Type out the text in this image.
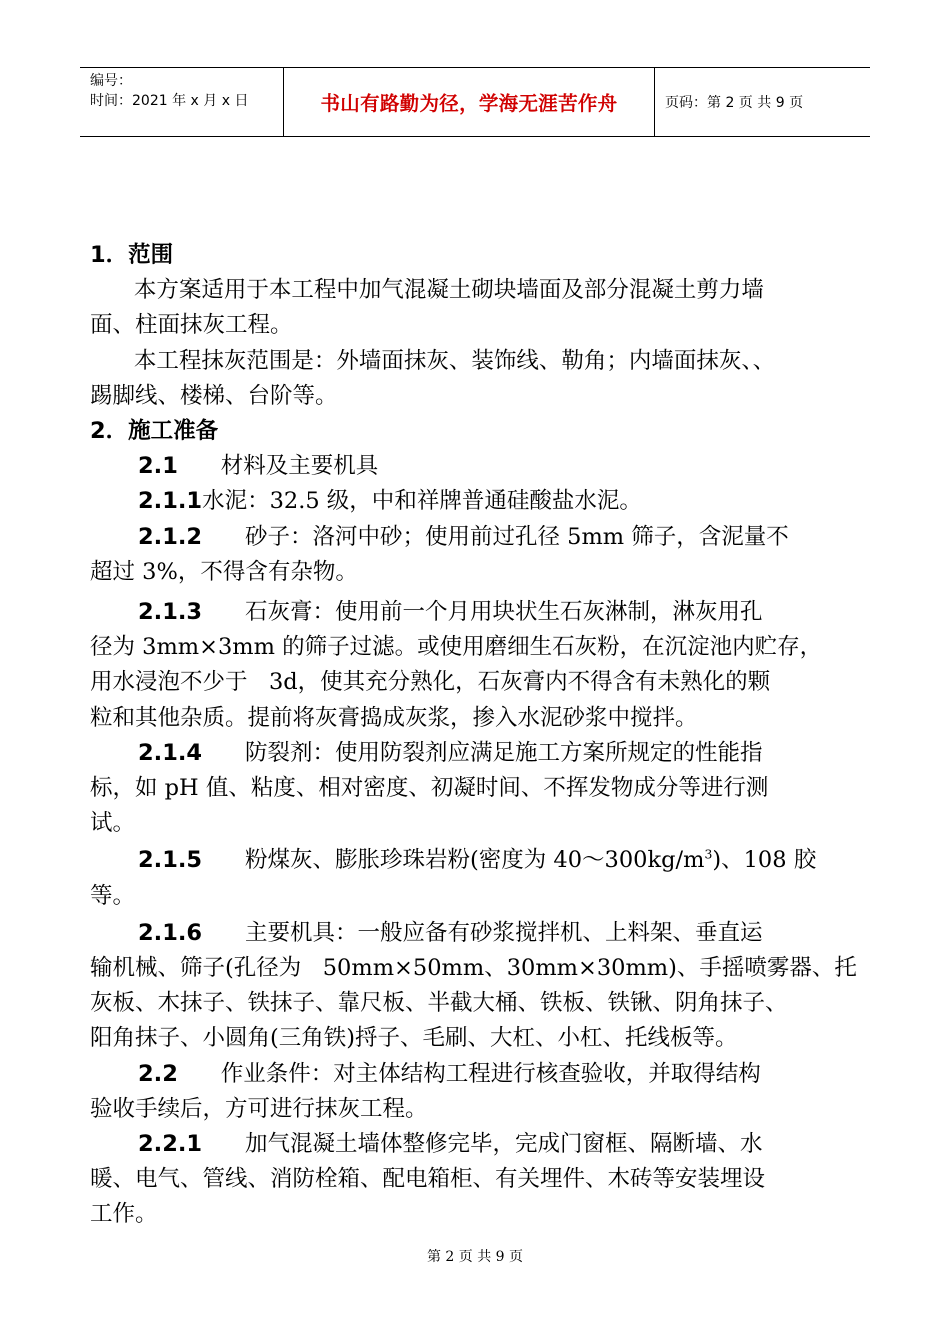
编号：
时间：2021 年 x 月 x 日	书山有路勤为径，学海无涯苦作舟	页码：第 2 页 共 9 页

1．范围

本方案适用于本工程中加气混凝土砌块墙面及部分混凝土剪力墙
面、柱面抹灰工程。

本工程抹灰范围是：外墙面抹灰、装饰线、勒角；内墙面抹灰、、
踢脚线、楼梯、台阶等。

2．施工准备

2.1 材料及主要机具

2.1.1水泥：32.5 级，中和祥牌普通硅酸盐水泥。

2.1.2 砂子：洛河中砂；使用前过孔径 5mm 筛子，含泥量不
超过 3%，不得含有杂物。

2.1.3 石灰膏：使用前一个月用块状生石灰淋制，淋灰用孔
径为 3mm×3mm 的筛子过滤。或使用磨细生石灰粉，在沉淀池内贮存，
用水浸泡不少于   3d，使其充分熟化，石灰膏内不得含有未熟化的颗
粒和其他杂质。提前将灰膏捣成灰浆，掺入水泥砂浆中搅拌。

2.1.4 防裂剂：使用防裂剂应满足施工方案所规定的性能指
标，如 pH 值、粘度、相对密度、初凝时间、不挥发物成分等进行测
试。

2.1.5 粉煤灰、膨胀珍珠岩粉(密度为 $40\sim 300kg/m^3$)、108 胶
等。

2.1.6 主要机具：一般应备有砂浆搅拌机、上料架、垂直运
输机械、筛子(孔径为   50mm×50mm、30mm×30mm)、手摇喷雾器、托
灰板、木抹子、铁抹子、靠尺板、半截大桶、铁板、铁锹、阴角抹子、
阳角抹子、小圆角(三角铁)捋子、毛刷、大杠、小杠、托线板等。

2.2 作业条件：对主体结构工程进行核查验收，并取得结构
验收手续后，方可进行抹灰工程。

2.2.1 加气混凝土墙体整修完毕，完成门窗框、隔断墙、水
暖、电气、管线、消防栓箱、配电箱柜、有关埋件、木砖等安装埋设
工作。

第 2 页 共 9 页
